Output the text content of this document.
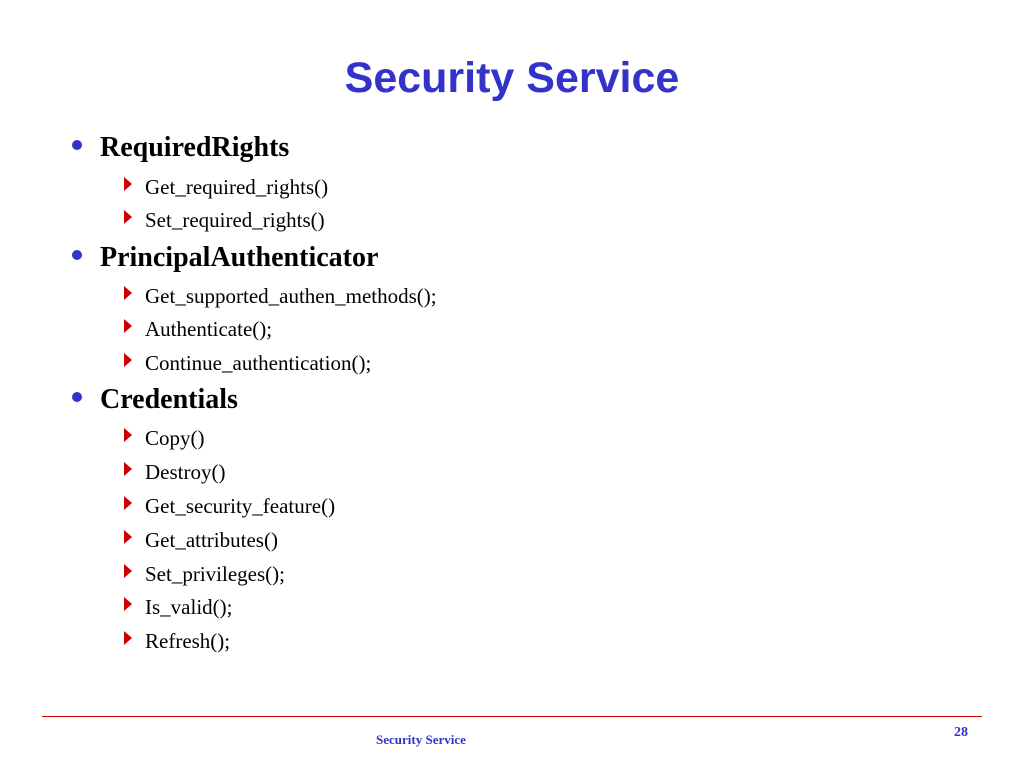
Security Service
RequiredRights
Get_required_rights()
Set_required_rights()
PrincipalAuthenticator
Get_supported_authen_methods();
Authenticate();
Continue_authentication();
Credentials
Copy()
Destroy()
Get_security_feature()
Get_attributes()
Set_privileges();
Is_valid();
Refresh();
Security Service	28
